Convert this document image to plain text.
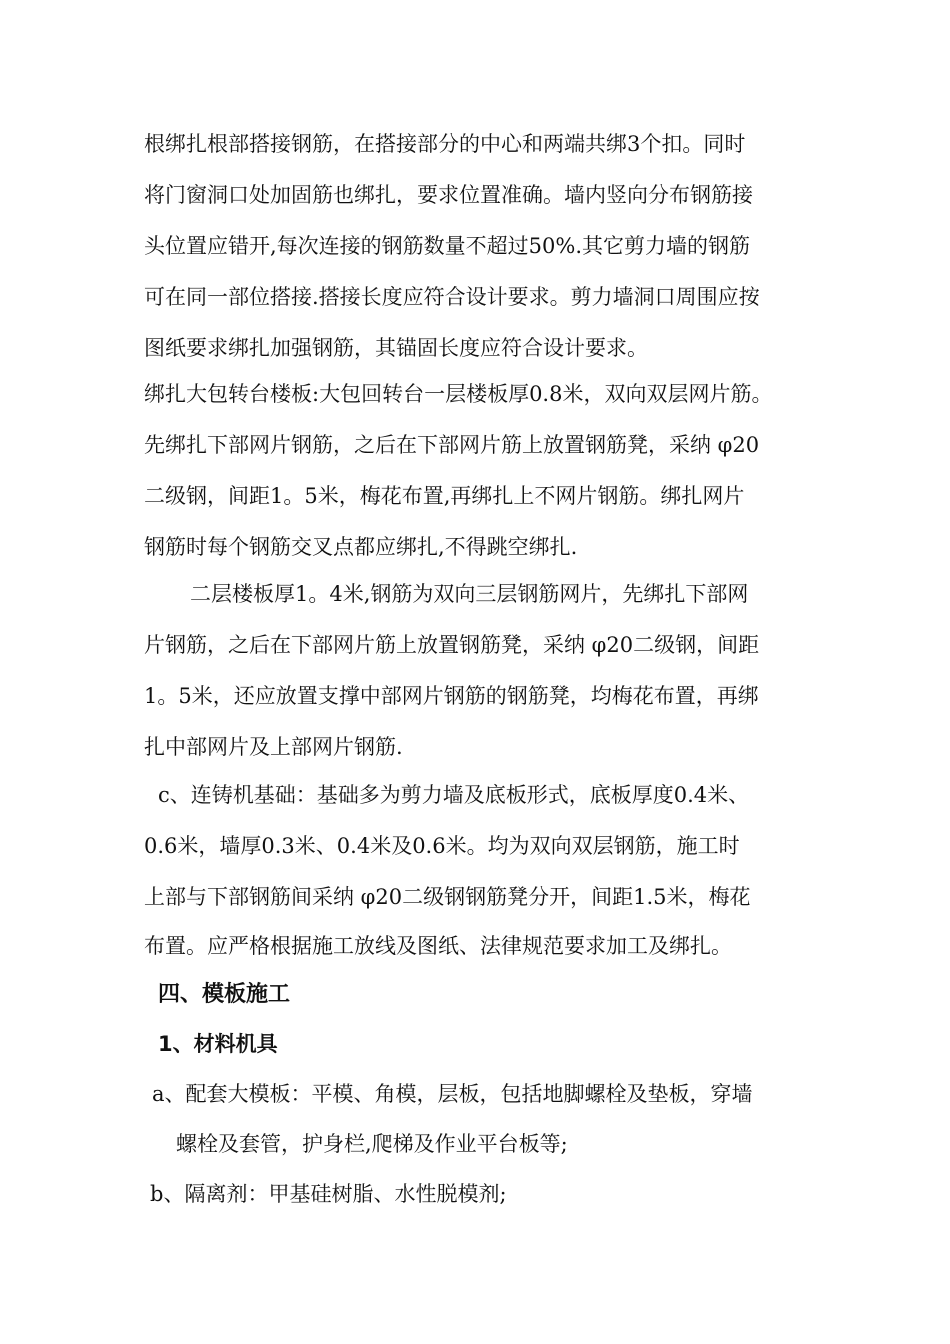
根绑扎根部搭接钢筋，在搭接部分的中心和两端共绑3个扣。同时
将门窗洞口处加固筋也绑扎，要求位置准确。墙内竖向分布钢筋接
头位置应错开,每次连接的钢筋数量不超过50%.其它剪力墙的钢筋
可在同一部位搭接.搭接长度应符合设计要求。剪力墙洞口周围应按
图纸要求绑扎加强钢筋，其锚固长度应符合设计要求。
绑扎大包转台楼板:大包回转台一层楼板厚0.8米，双向双层网片筋。
先绑扎下部网片钢筋，之后在下部网片筋上放置钢筋凳，采纳 φ20
二级钢，间距1。5米，梅花布置,再绑扎上不网片钢筋。绑扎网片
钢筋时每个钢筋交叉点都应绑扎,不得跳空绑扎.
二层楼板厚1。4米,钢筋为双向三层钢筋网片，先绑扎下部网
片钢筋，之后在下部网片筋上放置钢筋凳，采纳 φ20二级钢，间距
1。5米，还应放置支撑中部网片钢筋的钢筋凳，均梅花布置，再绑
扎中部网片及上部网片钢筋.
c、连铸机基础：基础多为剪力墙及底板形式，底板厚度0.4米、
0.6米，墙厚0.3米、0.4米及0.6米。均为双向双层钢筋，施工时
上部与下部钢筋间采纳 φ20二级钢钢筋凳分开，间距1.5米，梅花
布置。应严格根据施工放线及图纸、法律规范要求加工及绑扎。
四、模板施工
1、材料机具
a、配套大模板：平模、角模，层板，包括地脚螺栓及垫板，穿墙
螺栓及套管，护身栏,爬梯及作业平台板等;
b、隔离剂：甲基硅树脂、水性脱模剂;
